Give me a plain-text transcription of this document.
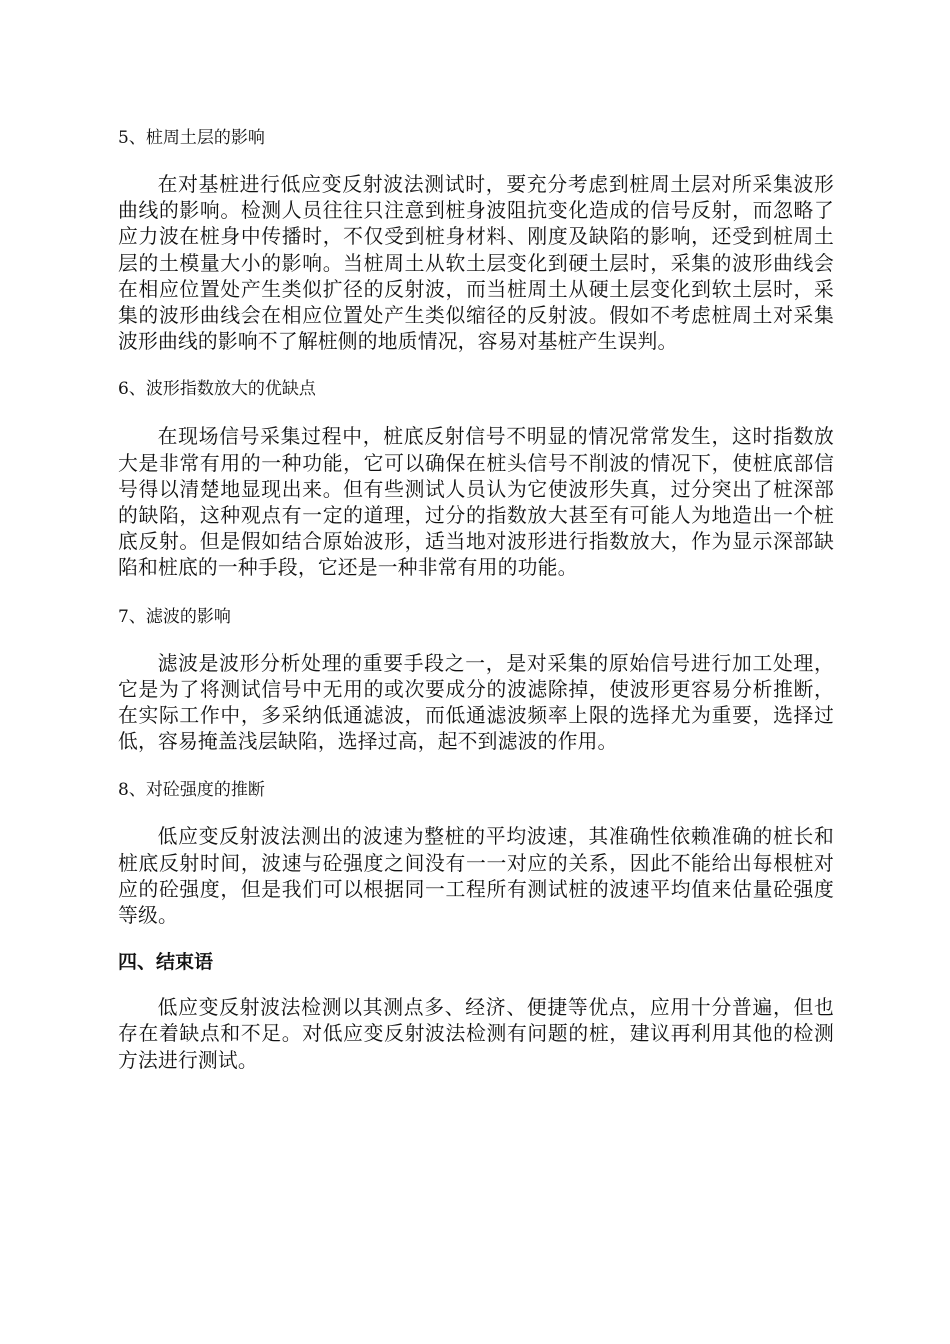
5、桩周土层的影响

在对基桩进行低应变反射波法测试时，要充分考虑到桩周土层对所采集波形曲线的影响。检测人员往往只注意到桩身波阻抗变化造成的信号反射，而忽略了应力波在桩身中传播时，不仅受到桩身材料、刚度及缺陷的影响，还受到桩周土层的土模量大小的影响。当桩周土从软土层变化到硬土层时，采集的波形曲线会在相应位置处产生类似扩径的反射波，而当桩周土从硬土层变化到软土层时，采集的波形曲线会在相应位置处产生类似缩径的反射波。假如不考虑桩周土对采集波形曲线的影响不了解桩侧的地质情况，容易对基桩产生误判。

6、波形指数放大的优缺点

在现场信号采集过程中，桩底反射信号不明显的情况常常发生，这时指数放大是非常有用的一种功能，它可以确保在桩头信号不削波的情况下，使桩底部信号得以清楚地显现出来。但有些测试人员认为它使波形失真，过分突出了桩深部的缺陷，这种观点有一定的道理，过分的指数放大甚至有可能人为地造出一个桩底反射。但是假如结合原始波形，适当地对波形进行指数放大，作为显示深部缺陷和桩底的一种手段，它还是一种非常有用的功能。

7、滤波的影响

滤波是波形分析处理的重要手段之一，是对采集的原始信号进行加工处理，它是为了将测试信号中无用的或次要成分的波滤除掉，使波形更容易分析推断，在实际工作中，多采纳低通滤波，而低通滤波频率上限的选择尤为重要，选择过低，容易掩盖浅层缺陷，选择过高，起不到滤波的作用。

8、对砼强度的推断

低应变反射波法测出的波速为整桩的平均波速，其准确性依赖准确的桩长和桩底反射时间，波速与砼强度之间没有一一对应的关系，因此不能给出每根桩对应的砼强度，但是我们可以根据同一工程所有测试桩的波速平均值来估量砼强度等级。

四、结束语

低应变反射波法检测以其测点多、经济、便捷等优点，应用十分普遍，但也存在着缺点和不足。对低应变反射波法检测有问题的桩，建议再利用其他的检测方法进行测试。
